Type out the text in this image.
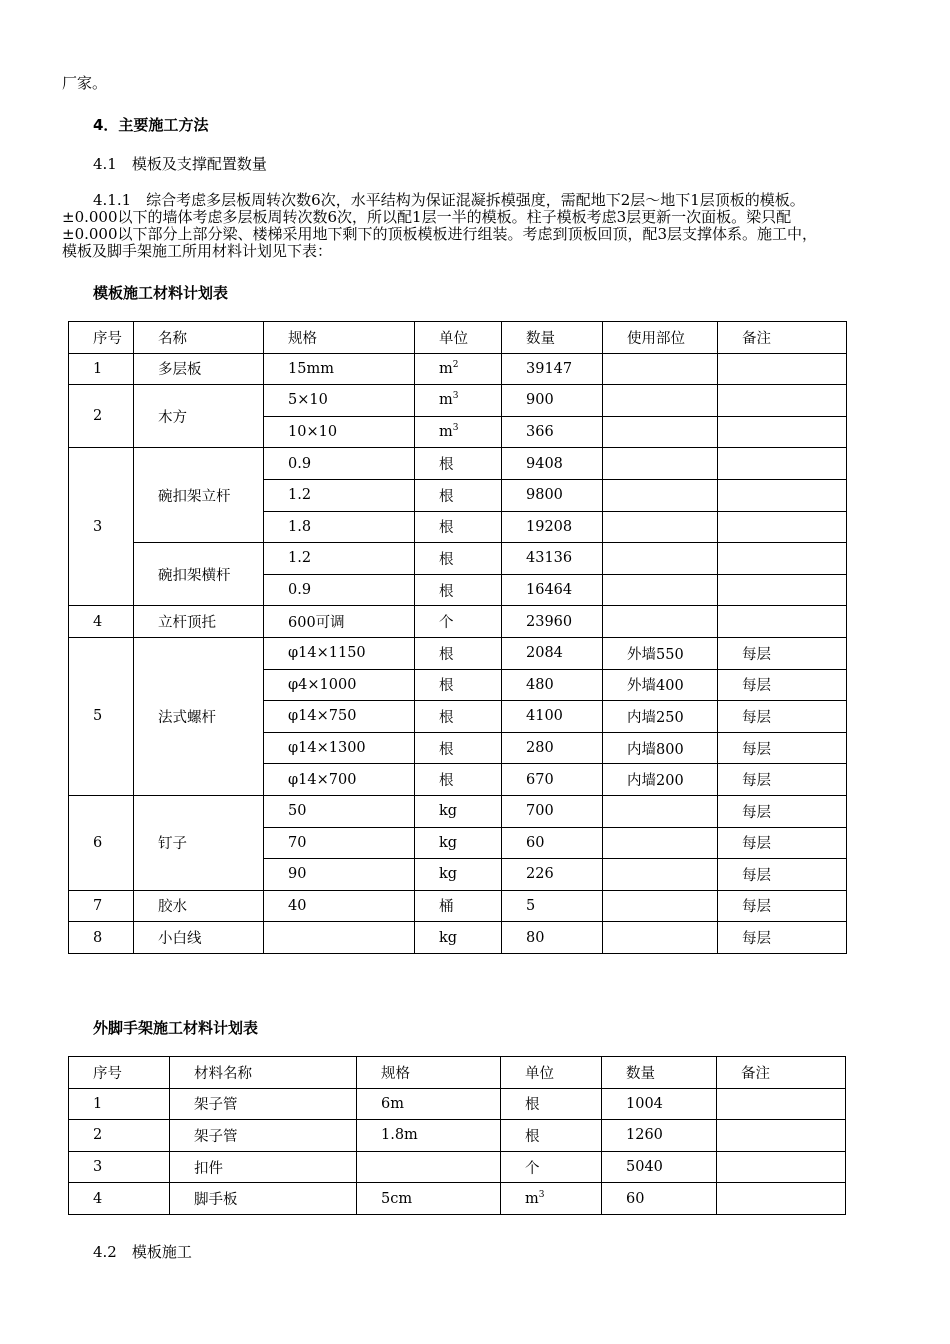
厂家。
4．主要施工方法
4.1　模板及支撑配置数量
4.1.1　综合考虑多层板周转次数6次，水平结构为保证混凝拆模强度，需配地下2层～地下1层顶板的模板。
±0.000以下的墙体考虑多层板周转次数6次，所以配1层一半的模板。柱子模板考虑3层更新一次面板。梁只配
±0.000以下部分上部分梁、楼梯采用地下剩下的顶板模板进行组装。考虑到顶板回顶，配3层支撑体系。施工中，
模板及脚手架施工所用材料计划见下表：
模板施工材料计划表
序号	名称	规格	单位	数量	使用部位	备注
1	多层板	15mm	$m^2$	39147		
2	木方	5×10	$m^3$	900		
		10×10	$m^3$	366		
3	碗扣架立杆	0.9	根	9408		
		1.2	根	9800		
		1.8	根	19208		
	碗扣架横杆	1.2	根	43136		
		0.9	根	16464		
4	立杆顶托	600可调	个	23960		
5	法式螺杆	φ14×1150	根	2084	外墙550	每层
		φ4×1000	根	480	外墙400	每层
		φ14×750	根	4100	内墙250	每层
		φ14×1300	根	280	内墙800	每层
		φ14×700	根	670	内墙200	每层
6	钉子	50	kg	700		每层
		70	kg	60		每层
		90	kg	226		每层
7	胶水	40	桶	5		每层
8	小白线		kg	80		每层
外脚手架施工材料计划表
序号	材料名称	规格	单位	数量	备注
1	架子管	6m	根	1004	
2	架子管	1.8m	根	1260	
3	扣件		个	5040	
4	脚手板	5cm	$m^3$	60	
4.2　模板施工
